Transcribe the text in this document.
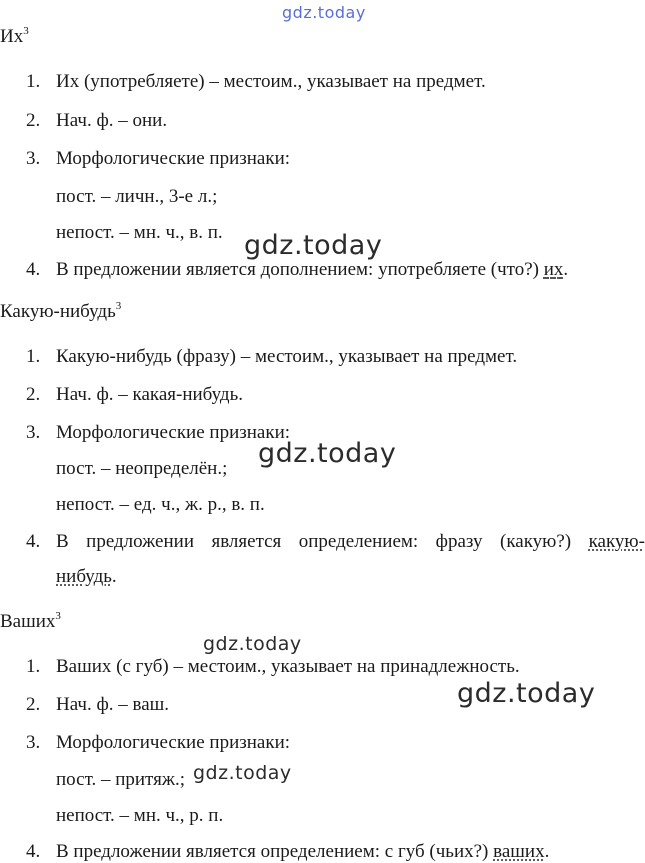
gdz.today
gdz.today
gdz.today
gdz.today
gdz.today
gdz.today
$Их^3$
1. Их (употребляете) – местоим., указывает на предмет.
2. Нач. ф. – они.
3. Морфологические признаки:
пост. – личн., 3-е л.;
непост. – мн. ч., в. п.
4. В предложении является дополнением: употребляете (что?) их.
Какую-нибудь$^3$
1. Какую-нибудь (фразу) – местоим., указывает на предмет.
2. Нач. ф. – какая-нибудь.
3. Морфологические признаки:
пост. – неопределён.;
непост. – ед. ч., ж. р., в. п.
4. В предложении является определением: фразу (какую?) какую-
нибудь.
Ваших$^3$
1. Ваших (с губ) – местоим., указывает на принадлежность.
2. Нач. ф. – ваш.
3. Морфологические признаки:
пост. – притяж.;
непост. – мн. ч., р. п.
4. В предложении является определением: с губ (чьих?) ваших.
